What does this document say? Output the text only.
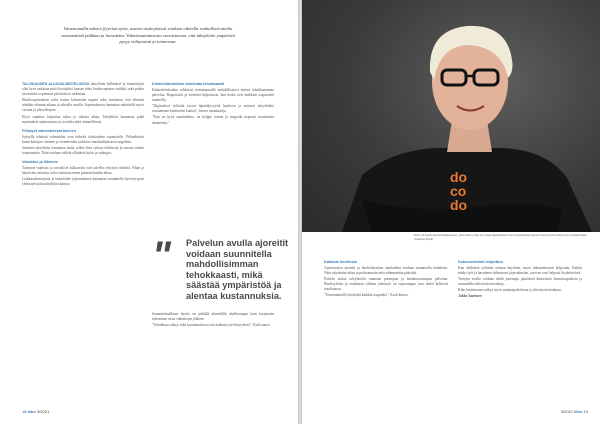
Varastomalla tahoen fiyveisä ojoin, asunto-osaleyksissä voidaan odotella rauhallisin mielin ensimmäistä palkkaa ja luovutetta. Valmistautumisesta vuonistetaan, että täksyhtiön ympäristö pysyy viihtyisänä ja toimivana.

TALVIKAUDEN ALKUVALMISTELUISSA taloyhtiön hallitukset ja isännöitsijät olisi hyvä tarkistaa mitä lisoiityhtiö kansan tehty huoltosopimus sisältää, sekä pohtia tarvitseeko sopimusta päivittää tai tarkentaa.

Huoltosopimuksen tulisi kattaa kiinteistön tarpeet sekä varmistaa, että tehtävät tehdään oikeaan aikaan ja oikealla tavalla. Sopimuksessa kannattaa määritellä myös vastuut ja yhteydenpito.

Hyvä sopimus helpottaa arkea ja säästää aikaa. Taloyhtiön kannattaa pitää sopimukset ajantasaisina ja arvioida niitä säännöllisesti.

Piilotyöt valmistelevat talveen

Syksyllä tehtävät valmistelut ovat tärkeitä talvikauden sujumiselle. Piilotehtävät kuten kattojen, rännien ja viemäreiden tarkistus ennaltaehkäisevät ongelmia.

Jokaisen taloyhtiön kannattaa laatia selkeä lista syksyn tehtävistä ja seurata niiden toteutumista. Näin voidaan välttää yllättävät kulut ja vahingot.

Valaistus ja liikenne

Toimivat valaistus ja turvalliset kulkureitit ovat talvella erityisen tärkeitä. Pihan ja käytävien valaistus tulisi tarkistaa ennen pimeän kauden alkua.

Liukkaudentorjunta ja lumitöiden järjestäminen kannattaa suunnitella hyvissä ajoin yhteistyössä huoltoyhtiön kanssa.

Kiinteistönhoidon toimintaa tehokkaasti

Kiinteistönhoidon sähköiset toimintamallit mahdollistavat entistä tehokkaamman palvelun. Raportointi ja viestintä helpottuvat, kun tiedot ovat kaikkien osapuolten saatavilla.

"Digitaaliset työkalut tuovat läpinäkyvyyttä huoltoon ja auttavat taloyhtiöitä seuraamaan kiinteistön kuntoa", kertoo asiantuntija.

"Kun on hyvä suunnitelma, on helppo toimia ja reagoida nopeasti muuttuviin tilanteisiin."

Suunnitelmallinen huolto on pitkällä aikavälillä edullisempaa kuin korjausten tekeminen vasta vahinkojen jälkeen.

"Tehokkuus näkyy sekä kustannuksissa että asukastyytyväisyydessä", Kraft sanoo.

18 kiho 3/2021
do
co
do
Kiho on koyiia palveluikokouseen, joita koko yritys voi ottaa käyttöönsä ennen tarpeellisiä sopivat solut, kertoo Kiho Oy:n asiantuntija Johanna Kraft.
Kattavia huollosta

Ajoneuvojen ajoreitit ja huoltokäyntien ajankohdat voidaan suunnitella etukäteen. Näin säästetään aikaa ja polttoainetta sekä vähennetään päästöjä.

Palvelu auttaa taloyhtiöitä saamaan parempaa ja ennakoitavampaa palvelua. Huoltoyhtiön ja asiakkaan välinen yhteistyö on sujuvampaa, kun tiedot kulkevat reaaliajassa.

"Toimintamalli hyödyttää kaikkia osapuolia", Kraft kertoo.

Dokumentointi helpottuu

Kun sähköiset työkalut otetaan käyttöön, myös dokumentointi helpottuu. Kaikki tehdyt työt ja havainnot tallentuvat järjestelmään, josta ne ovat helposti löydettävissä.

Tietojen avulla voidaan tehdä parempia päätöksiä kiinteistön kunnossapidosta ja suunnitella tulevia investointeja.

Kiho luotettavuus näkyy myös asiakaspalvelussa ja yhteistyön laadussa.

Jukka Saarinen

3/2021 kiho 19
"	Palvelun avulla ajoreitit voidaan suunnitella mahdollisimman tehokkaasti, mikä säästää ympäristöä ja alentaa kustannuksia.
